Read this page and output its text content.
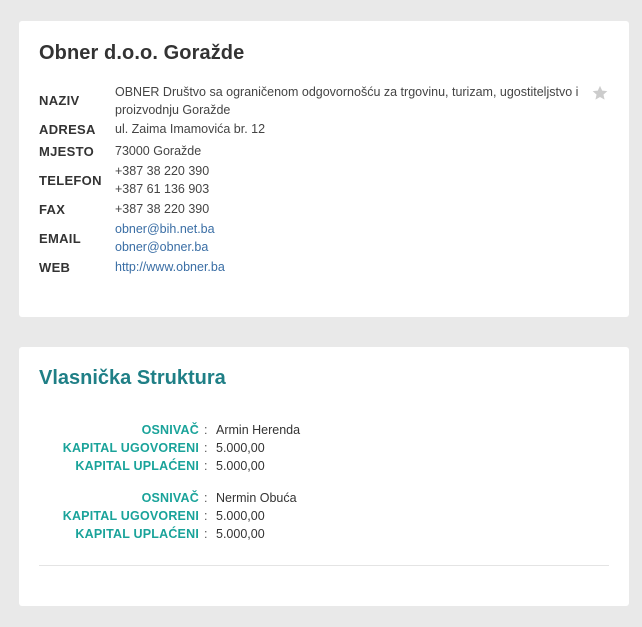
Obner d.o.o. Goražde
NAZIV
OBNER Društvo sa ograničenom odgovornošću za trgovinu, turizam, ugostiteljstvo i proizvodnju Goražde
ADRESA ul. Zaima Imamovića br. 12
MJESTO 73000 Goražde
TELEFON
+387 38 220 390
+387 61 136 903
FAX	+387 38 220 390
EMAIL
obner@bih.net.ba
obner@obner.ba
WEB	http://www.obner.ba
Vlasnička Struktura
OSNIVAČ : Armin Herenda
KAPITAL UGOVORENI : 5.000,00
KAPITAL UPLAĆENI : 5.000,00
OSNIVAČ : Nermin Obuća
KAPITAL UGOVORENI : 5.000,00
KAPITAL UPLAĆENI : 5.000,00
